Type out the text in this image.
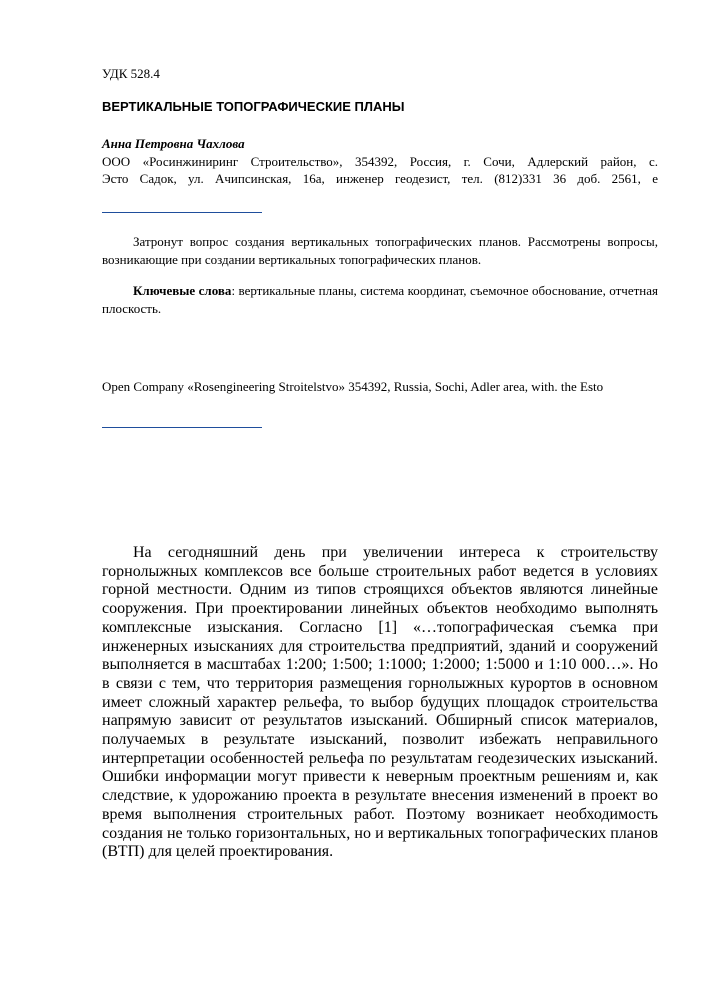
УДК 528.4
ВЕРТИКАЛЬНЫЕ ТОПОГРАФИЧЕСКИЕ ПЛАНЫ
Анна Петровна Чахлова
ООО «Росинжиниринг Строительство», 354392, Россия, г. Сочи, Адлерский район, с.
Эсто Садок, ул. Ачипсинская, 16а, инженер геодезист, тел. (812)331 36 доб. 2561, е

Затронут вопрос создания вертикальных топографических планов. Рассмотрены вопросы, возникающие при создании вертикальных топографических планов.

Ключевые слова: вертикальные планы, система координат, съемочное обоснование, отчетная плоскость.

Open Company «Rosengineering Stroitelstvo» 354392, Russia, Sochi, Adler area, with. the Esto

На сегодняшний день при увеличении интереса к строительству горнолыжных комплексов все больше строительных работ ведется в условиях горной местности. Одним из типов строящихся объектов являются линейные сооружения. При проектировании линейных объектов необходимо выполнять комплексные изыскания. Согласно [1] «…топографическая съемка при инженерных изысканиях для строительства предприятий, зданий и сооружений выполняется в масштабах 1:200; 1:500; 1:1000; 1:2000; 1:5000 и 1:10 000…». Но в связи с тем, что территория размещения горнолыжных курортов в основном имеет сложный характер рельефа, то выбор будущих площадок строительства напрямую зависит от результатов изысканий. Обширный список материалов, получаемых в результате изысканий, позволит избежать неправильного интерпретации особенностей рельефа по результатам геодезических изысканий. Ошибки информации могут привести к неверным проектным решениям и, как следствие, к удорожанию проекта в результате внесения изменений в проект во время выполнения строительных работ. Поэтому возникает необходимость создания не только горизонтальных, но и вертикальных топографических планов (ВТП) для целей проектирования.
